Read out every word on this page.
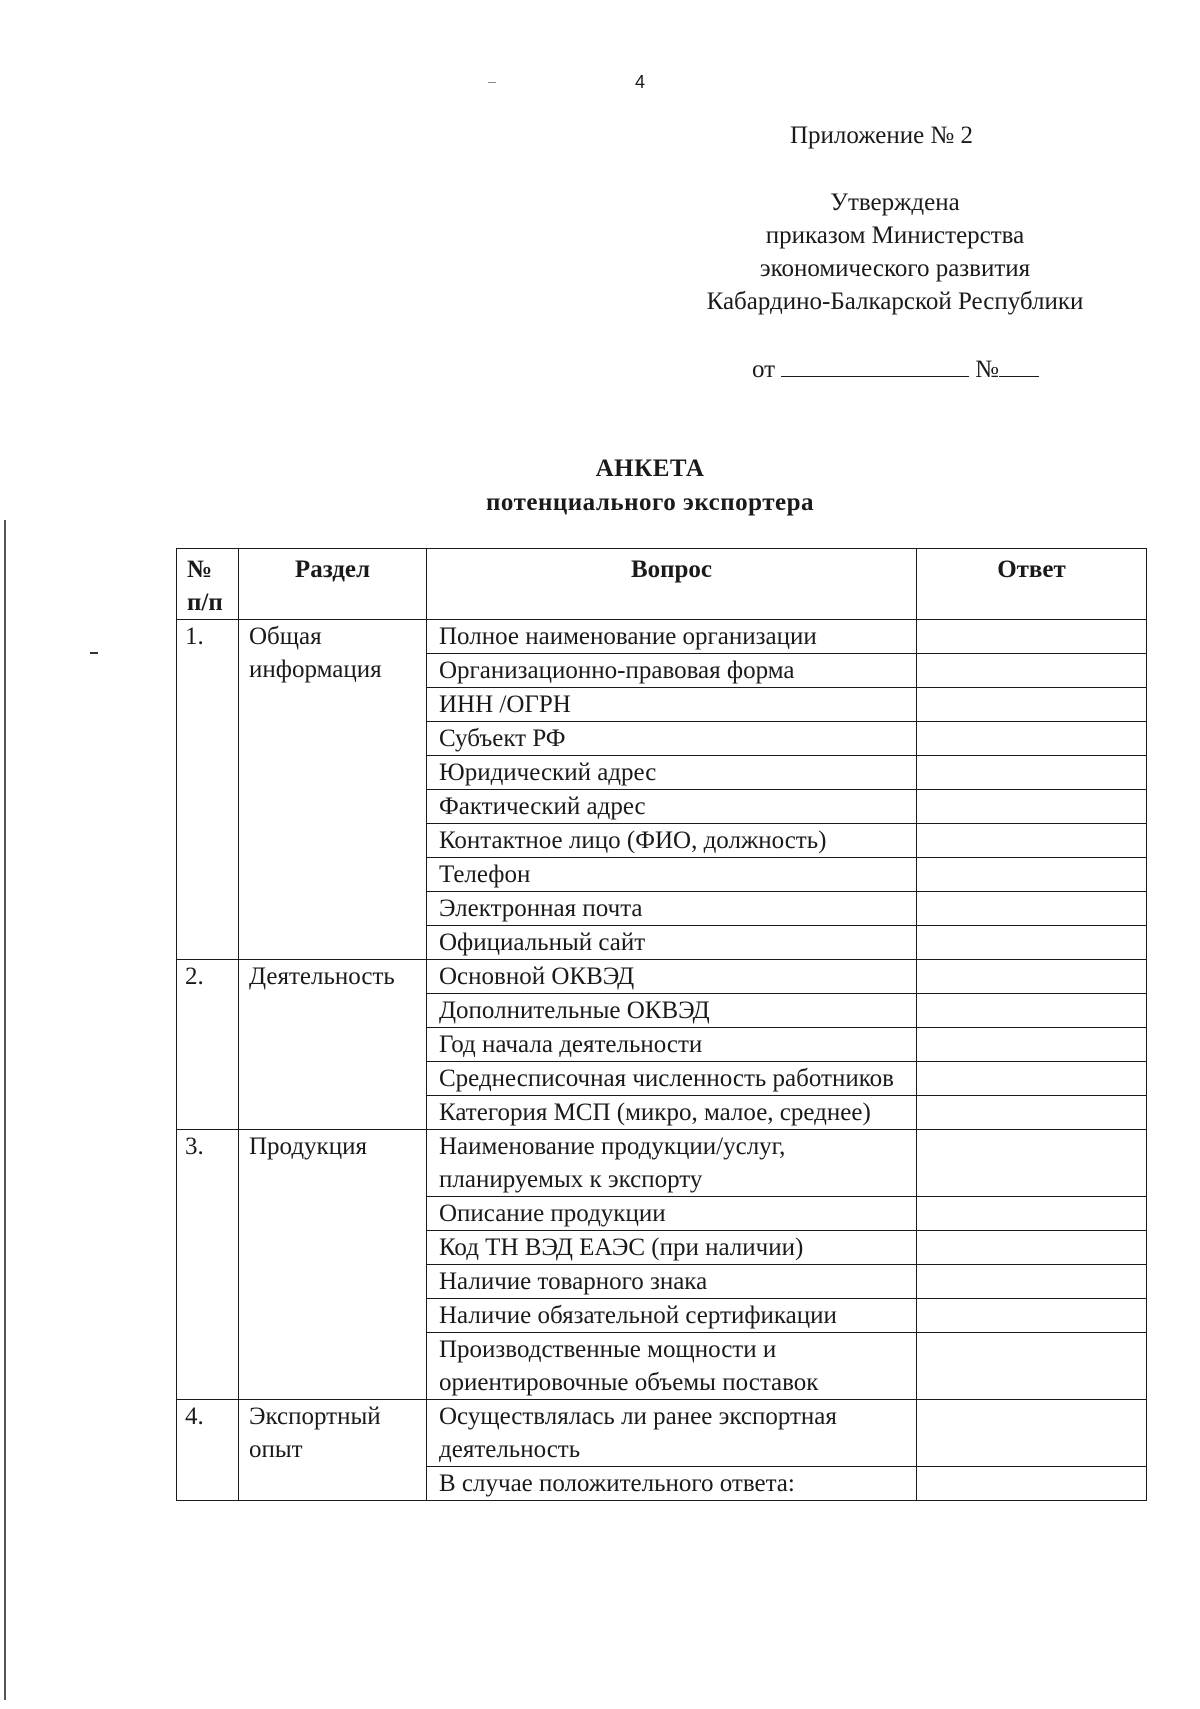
4
Приложение № 2
Утверждена
приказом Министерства
экономического развития
Кабардино-Балкарской Республики
от	№
АНКЕТА
потенциального экспортера
№ п/п	Раздел	Вопрос	Ответ
1.	Общая информация	Полное наименование организации	
		Организационно-правовая форма	
		ИНН /ОГРН	
		Субъект РФ	
		Юридический адрес	
		Фактический адрес	
		Контактное лицо (ФИО, должность)	
		Телефон	
		Электронная почта	
		Официальный сайт	
2.	Деятельность	Основной ОКВЭД	
		Дополнительные ОКВЭД	
		Год начала деятельности	
		Среднесписочная численность работников	
		Категория МСП (микро, малое, среднее)	
3.	Продукция	Наименование продукции/услуг, планируемых к экспорту	
		Описание продукции	
		Код ТН ВЭД ЕАЭС (при наличии)	
		Наличие товарного знака	
		Наличие обязательной сертификации	
		Производственные мощности и ориентировочные объемы поставок	
4.	Экспортный опыт	Осуществлялась ли ранее экспортная деятельность	
		В случае положительного ответа:	
